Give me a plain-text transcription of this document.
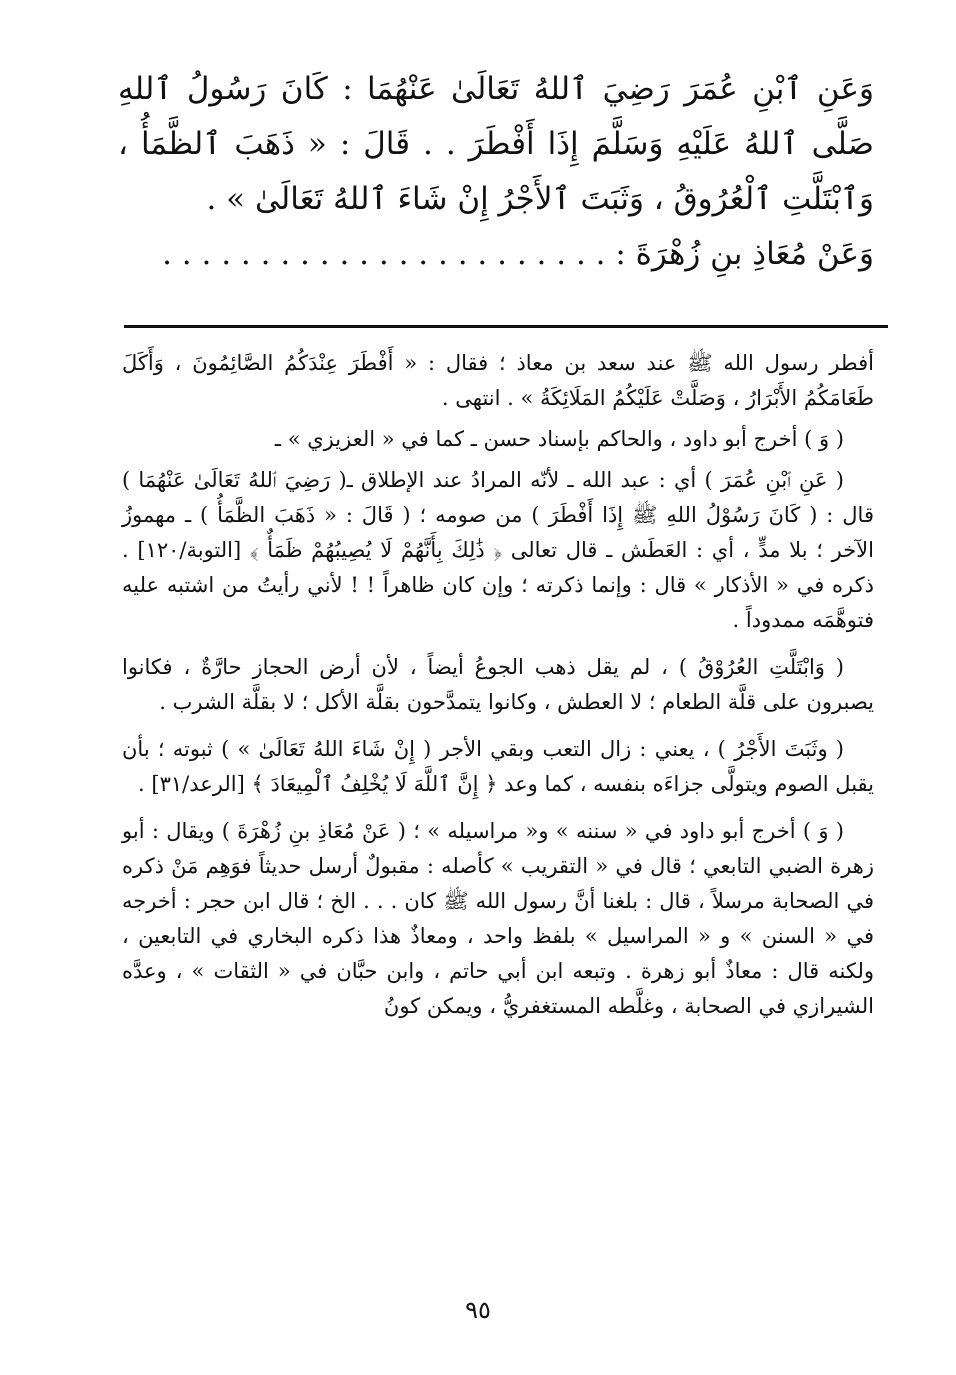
وَعَنِ ٱبْنِ عُمَرَ رَضِيَ ٱللهُ تَعَالَىٰ عَنْهُمَا : كَانَ رَسُولُ ٱللهِ صَلَّى ٱللهُ عَلَيْهِ وَسَلَّمَ إِذَا أَفْطَرَ . . قَالَ : « ذَهَبَ ٱلظَّمَأُ ، وَٱبْتَلَّتِ ٱلْعُرُوقُ ، وَثَبَتَ ٱلأَجْرُ إِنْ شَاءَ ٱللهُ تَعَالَىٰ » .

وَعَنْ مُعَاذِ بنِ زُهْرَةَ : . . . . . . . . . . . . . . . . . . . . . . .

أفطر رسول الله ﷺ عند سعد بن معاذ ؛ فقال : « أَفْطَرَ عِنْدَكُمُ الصَّائِمُونَ ، وَأَكَلَ طَعَامَكُمُ الأَبْرَارُ ، وَصَلَّتْ عَلَيْكُمُ المَلَائِكَةُ » . انتهى .

( وَ ) أخرج أبو داود ، والحاكم بإسناد حسن ـ كما في « العزيزي » ـ

( عَنِ ٱبْنِ عُمَرَ ) أي : عبد الله ـ لأنّه المرادُ عند الإطلاق ـ( رَضِيَ ٱللهُ تَعَالَىٰ عَنْهُمَا ) قال : ( كَانَ رَسُوْلُ اللهِ ﷺ إِذَا أَفْطَرَ ) من صومه ؛ ( قَالَ : « ذَهَبَ الظَّمَأُ ) ـ مهموزُ الآخر ؛ بلا مدٍّ ، أي : العَطَش ـ قال تعالى ﴿ ذَٰلِكَ بِأَنَّهُمْ لَا يُصِيبُهُمْ ظَمَأٌ ﴾ [التوبة/١٢٠] . ذكره في « الأذكار » قال : وإنما ذكرته ؛ وإن كان ظاهراً ! ! لأني رأيتُ من اشتبه عليه فتوهَّمَه ممدوداً .

( وَابْتَلَّتِ العُرُوْقُ ) ، لم يقل ذهب الجوعُ أيضاً ، لأن أرض الحجاز حارَّةٌ ، فكانوا يصبرون على قلَّة الطعام ؛ لا العطش ، وكانوا يتمدَّحون بقلَّة الأكل ؛ لا بقلَّة الشرب .

( وثَبَتَ الأَجْرُ ) ، يعني : زال التعب وبقي الأجر ( إِنْ شَاءَ اللهُ تَعَالَىٰ » ) ثبوته ؛ بأن يقبل الصوم ويتولَّى جزاءَه بنفسه ، كما وعد ﴿ إِنَّ ٱللَّهَ لَا يُخْلِفُ ٱلْمِيعَادَ ﴾ [الرعد/٣١] .

( وَ ) أخرج أبو داود في « سننه » و« مراسيله » ؛ ( عَنْ مُعَاذِ بنِ زُهْرَةَ ) ويقال : أبو زهرة الضبي التابعي ؛ قال في « التقريب » كأصله : مقبولٌ أرسل حديثاً فوَهِم مَنْ ذكره في الصحابة مرسلاً ، قال : بلغنا أنَّ رسول الله ﷺ كان . . . الخ ؛ قال ابن حجر : أخرجه في « السنن » و « المراسيل » بلفظ واحد ، ومعاذٌ هذا ذكره البخاري في التابعين ، ولكنه قال : معاذٌ أبو زهرة . وتبعه ابن أبي حاتم ، وابن حبَّان في « الثقات » ، وعدَّه الشيرازي في الصحابة ، وغلَّطه المستغفريُّ ، ويمكن كونُ

٩٥
